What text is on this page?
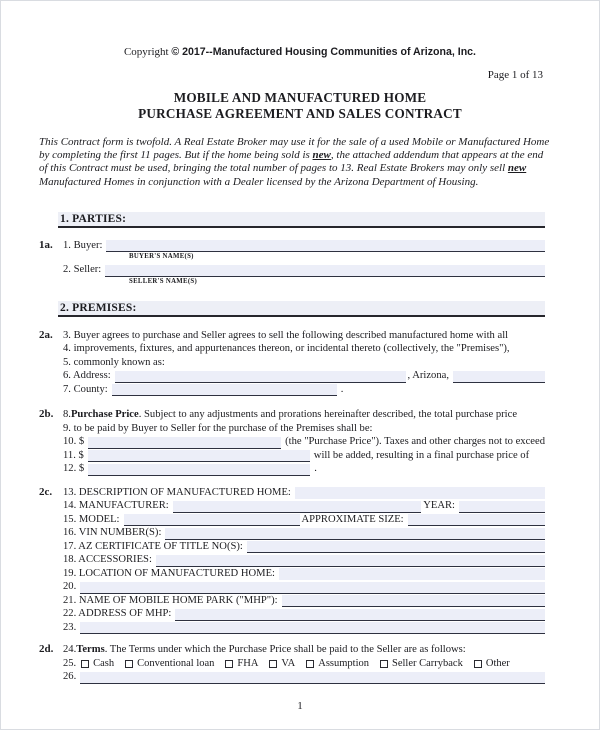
Copyright © 2017--Manufactured Housing Communities of Arizona, Inc.
Page 1 of 13
MOBILE AND MANUFACTURED HOME
PURCHASE AGREEMENT AND SALES CONTRACT
This Contract form is twofold. A Real Estate Broker may use it for the sale of a used Mobile or Manufactured Home by completing the first 11 pages. But if the home being sold is new, the attached addendum that appears at the end of this Contract must be used, bringing the total number of pages to 13. Real Estate Brokers may only sell new Manufactured Homes in conjunction with a Dealer licensed by the Arizona Department of Housing.
1. PARTIES:
1a. 1. Buyer:
BUYER'S NAME(S)
2. Seller:
SELLER'S NAME(S)
2. PREMISES:
2a. 3. Buyer agrees to purchase and Seller agrees to sell the following described manufactured home with all
4. improvements, fixtures, and appurtenances thereon, or incidental thereto (collectively, the "Premises"),
5. commonly known as:
6. Address:	, Arizona,
7. County:	.
2b. 8. Purchase Price . Subject to any adjustments and prorations hereinafter described, the total purchase price
9. to be paid by Buyer to Seller for the purchase of the Premises shall be:
10. $	(the "Purchase Price"). Taxes and other charges not to exceed
11. $	will be added, resulting in a final purchase price of
12. $	.
2c.	13. DESCRIPTION OF MANUFACTURED HOME:
14. MANUFACTURER:	YEAR:
15. MODEL:	APPROXIMATE SIZE:
16. VIN NUMBER(S):
17. AZ CERTIFICATE OF TITLE NO(S):
18. ACCESSORIES:
19. LOCATION OF MANUFACTURED HOME:
20.
21. NAME OF MOBILE HOME PARK ("MHP"):
22. ADDRESS OF MHP:
23.
2d. 24. Terms . The Terms under which the Purchase Price shall be paid to the Seller are as follows:
25. Cash Conventional loan FHA VA Assumption Seller Carryback Other
26.
1
